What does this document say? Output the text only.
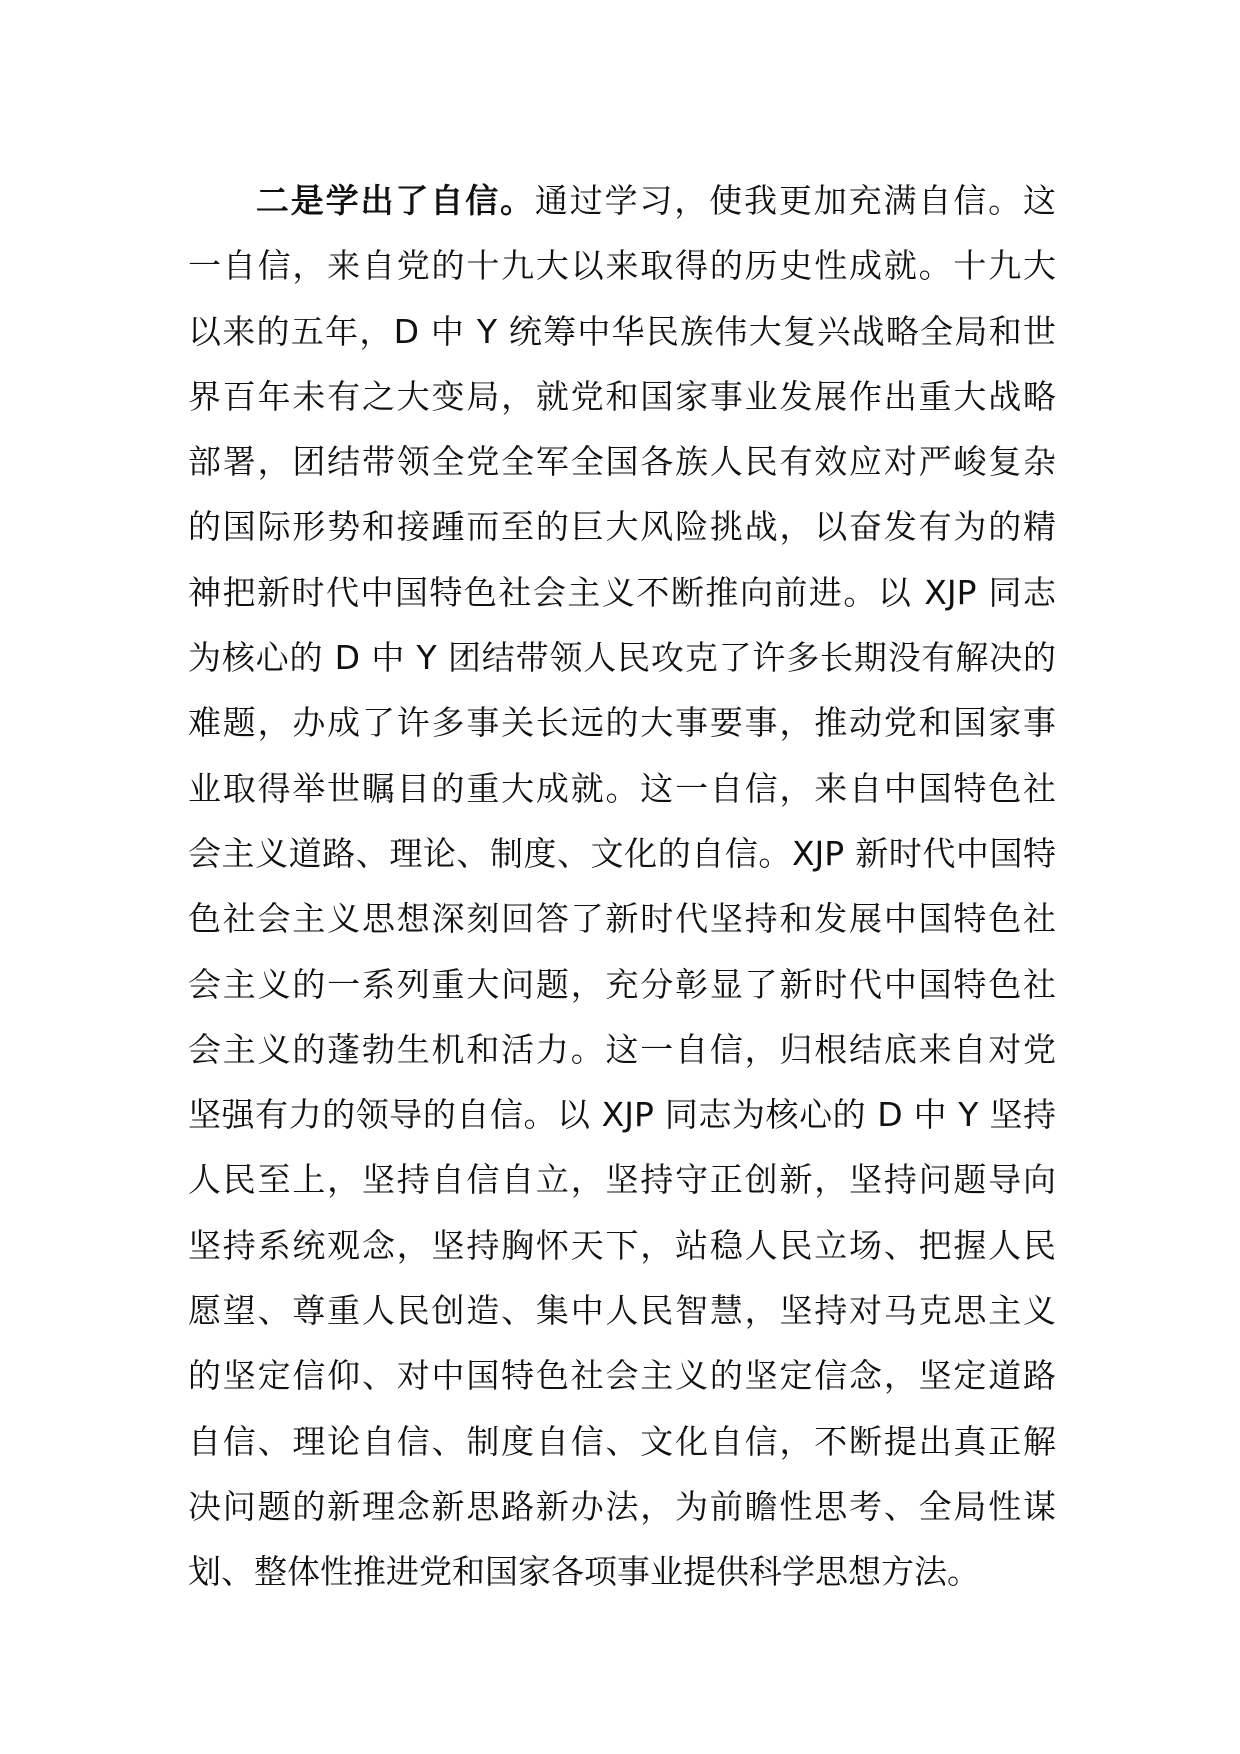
二是学出了自信。通过学习，使我更加充满自信。这
一自信，来自党的十九大以来取得的历史性成就。十九大
以来的五年，D 中 Y 统筹中华民族伟大复兴战略全局和世
界百年未有之大变局，就党和国家事业发展作出重大战略
部署，团结带领全党全军全国各族人民有效应对严峻复杂
的国际形势和接踵而至的巨大风险挑战，以奋发有为的精
神把新时代中国特色社会主义不断推向前进。以 XJP 同志
为核心的 D 中 Y 团结带领人民攻克了许多长期没有解决的
难题，办成了许多事关长远的大事要事，推动党和国家事
业取得举世瞩目的重大成就。这一自信，来自中国特色社
会主义道路、理论、制度、文化的自信。XJP 新时代中国特
色社会主义思想深刻回答了新时代坚持和发展中国特色社
会主义的一系列重大问题，充分彰显了新时代中国特色社
会主义的蓬勃生机和活力。这一自信，归根结底来自对党
坚强有力的领导的自信。以 XJP 同志为核心的 D 中 Y 坚持
人民至上，坚持自信自立，坚持守正创新，坚持问题导向
坚持系统观念，坚持胸怀天下，站稳人民立场、把握人民
愿望、尊重人民创造、集中人民智慧，坚持对马克思主义
的坚定信仰、对中国特色社会主义的坚定信念，坚定道路
自信、理论自信、制度自信、文化自信，不断提出真正解
决问题的新理念新思路新办法，为前瞻性思考、全局性谋
划、整体性推进党和国家各项事业提供科学思想方法。
